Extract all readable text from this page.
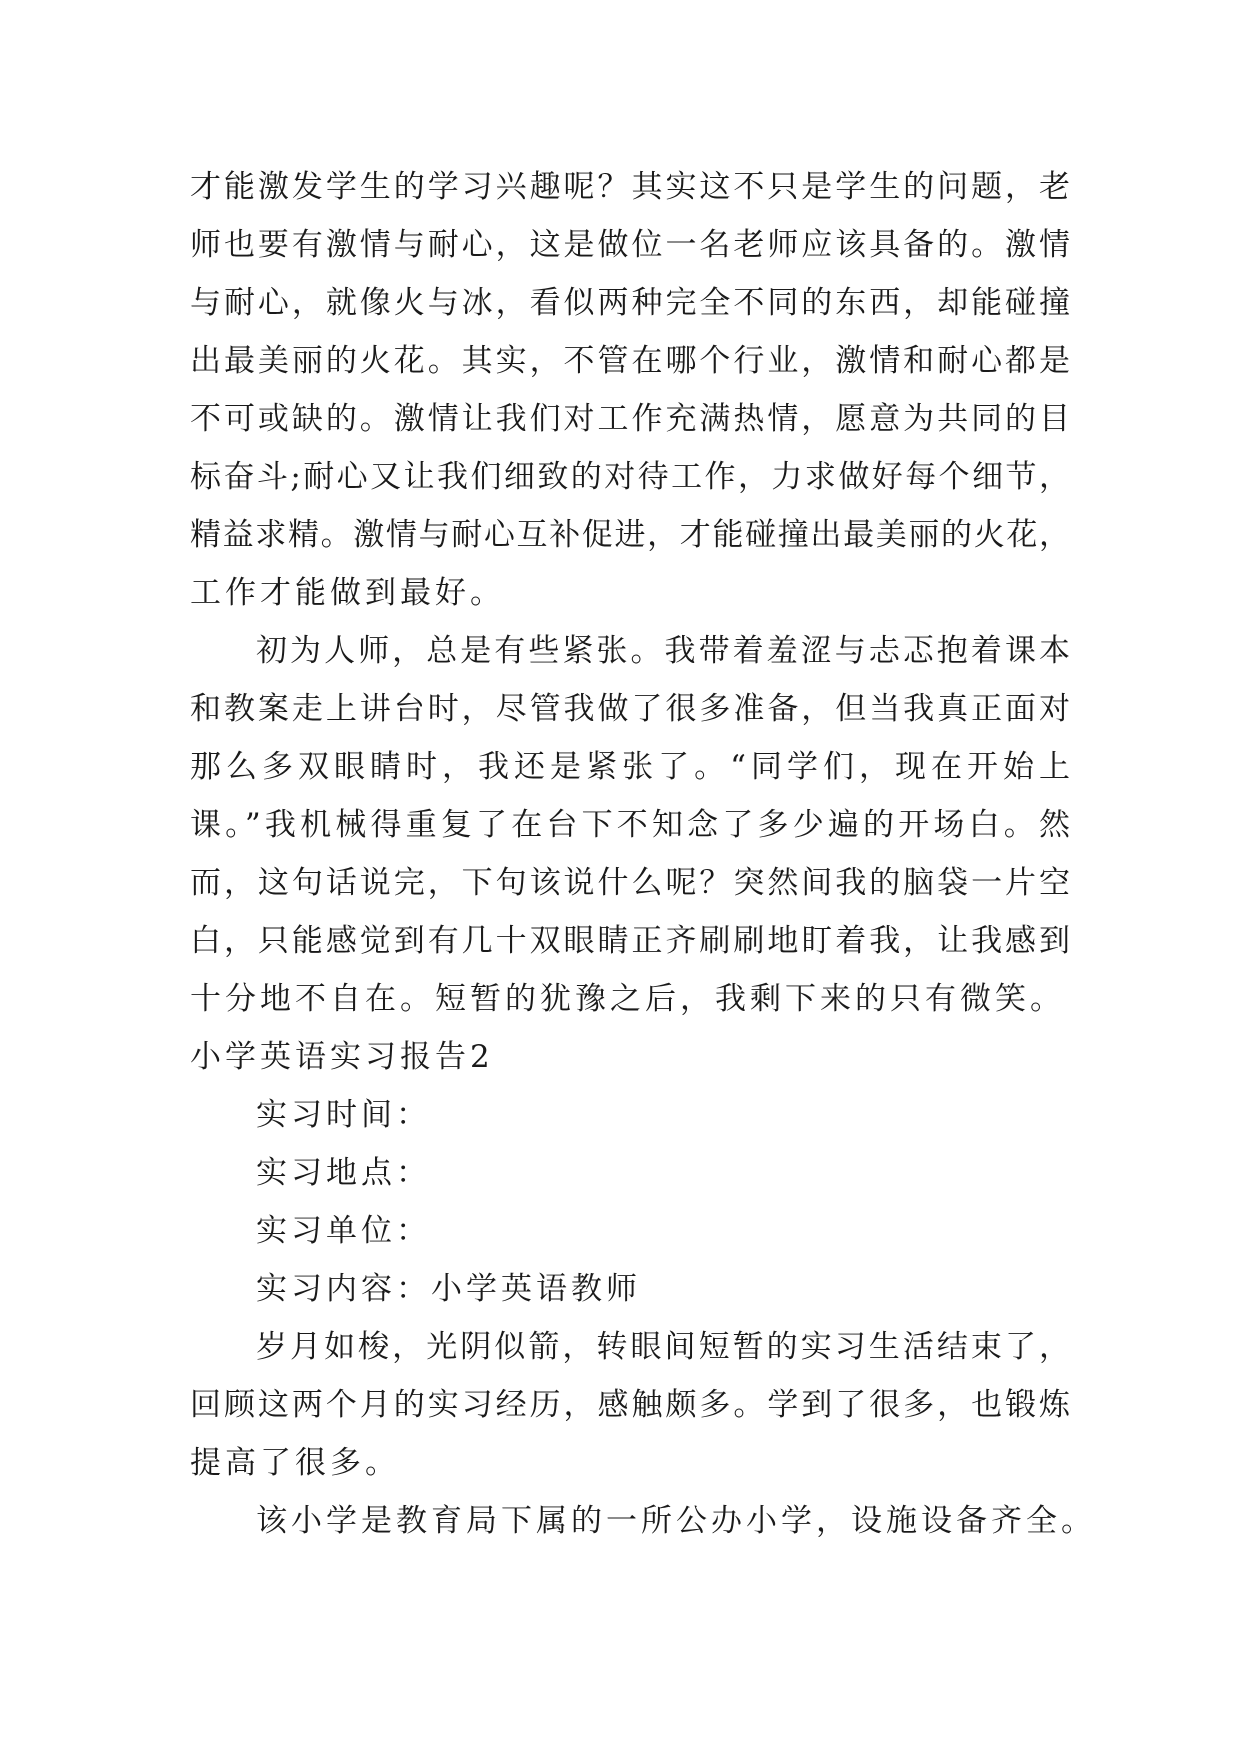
才能激发学生的学习兴趣呢？其实这不只是学生的问题，老
师也要有激情与耐心，这是做位一名老师应该具备的。激情
与耐心，就像火与冰，看似两种完全不同的东西，却能碰撞
出最美丽的火花。其实，不管在哪个行业，激情和耐心都是
不可或缺的。激情让我们对工作充满热情，愿意为共同的目
标奋斗;耐心又让我们细致的对待工作，力求做好每个细节，
精益求精。激情与耐心互补促进，才能碰撞出最美丽的火花，
工作才能做到最好。
初为人师，总是有些紧张。我带着羞涩与忐忑抱着课本
和教案走上讲台时，尽管我做了很多准备，但当我真正面对
那么多双眼睛时，我还是紧张了。“同学们，现在开始上
课。”我机械得重复了在台下不知念了多少遍的开场白。然
而，这句话说完，下句该说什么呢？突然间我的脑袋一片空
白，只能感觉到有几十双眼睛正齐刷刷地盯着我，让我感到
十分地不自在。短暂的犹豫之后，我剩下来的只有微笑。
小学英语实习报告2
实习时间：
实习地点：
实习单位：
实习内容：小学英语教师
岁月如梭，光阴似箭，转眼间短暂的实习生活结束了，
回顾这两个月的实习经历，感触颇多。学到了很多，也锻炼
提高了很多。
该小学是教育局下属的一所公办小学，设施设备齐全。
